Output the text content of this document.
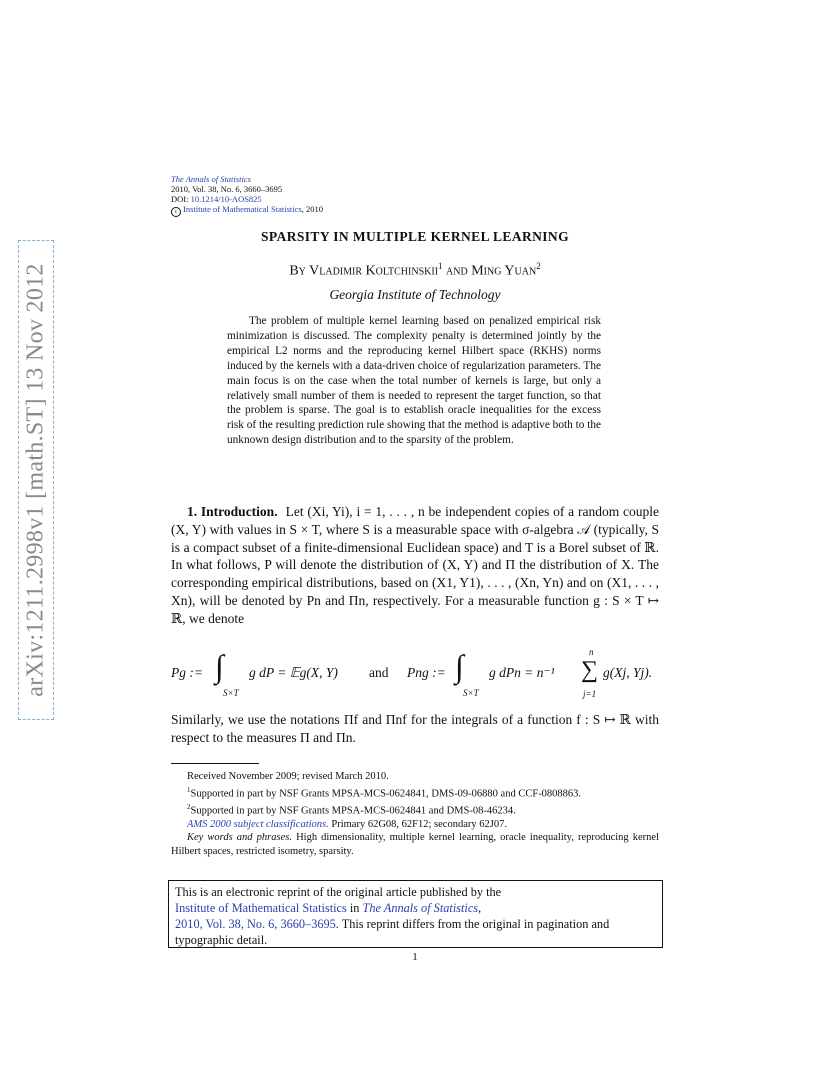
arXiv:1211.2998v1 [math.ST] 13 Nov 2012
The Annals of Statistics
2010, Vol. 38, No. 6, 3660–3695
DOI: 10.1214/10-AOS825
c Institute of Mathematical Statistics, 2010
SPARSITY IN MULTIPLE KERNEL LEARNING
By Vladimir Koltchinskii$^1$ and Ming Yuan$^2$
Georgia Institute of Technology
The problem of multiple kernel learning based on penalized empirical risk minimization is discussed. The complexity penalty is determined jointly by the empirical L2 norms and the reproducing kernel Hilbert space (RKHS) norms induced by the kernels with a data-driven choice of regularization parameters. The main focus is on the case when the total number of kernels is large, but only a relatively small number of them is needed to represent the target function, so that the problem is sparse. The goal is to establish oracle inequalities for the excess risk of the resulting prediction rule showing that the method is adaptive both to the unknown design distribution and to the sparsity of the problem.
1. Introduction. Let (Xi, Yi), i = 1, . . . , n be independent copies of a random couple (X, Y) with values in S × T, where S is a measurable space with σ-algebra 𝒜 (typically, S is a compact subset of a finite-dimensional Euclidean space) and T is a Borel subset of ℝ. In what follows, P will denote the distribution of (X, Y) and Π the distribution of X. The corresponding empirical distributions, based on (X1, Y1), . . . , (Xn, Yn) and on (X1, . . . , Xn), will be denoted by Pn and Πn, respectively. For a measurable function g : S × T ↦ ℝ, we denote
Pg := ∫
S×T
g dP = 𝔼g(X, Y) and Png := ∫
S×T
g dPn = n⁻¹
n
∑
j=1
g(Xj, Yj).
Similarly, we use the notations Πf and Πnf for the integrals of a function f : S ↦ ℝ with respect to the measures Π and Πn.

Received November 2009; revised March 2010.

$^1$Supported in part by NSF Grants MPSA-MCS-0624841, DMS-09-06880 and CCF-0808863.

$^2$Supported in part by NSF Grants MPSA-MCS-0624841 and DMS-08-46234.

AMS 2000 subject classifications. Primary 62G08, 62F12; secondary 62J07.

Key words and phrases. High dimensionality, multiple kernel learning, oracle inequality, reproducing kernel Hilbert spaces, restricted isometry, sparsity.

This is an electronic reprint of the original article published by the
Institute of Mathematical Statistics in The Annals of Statistics,
2010, Vol. 38, No. 6, 3660–3695. This reprint differs from the original in pagination and typographic detail.
1
